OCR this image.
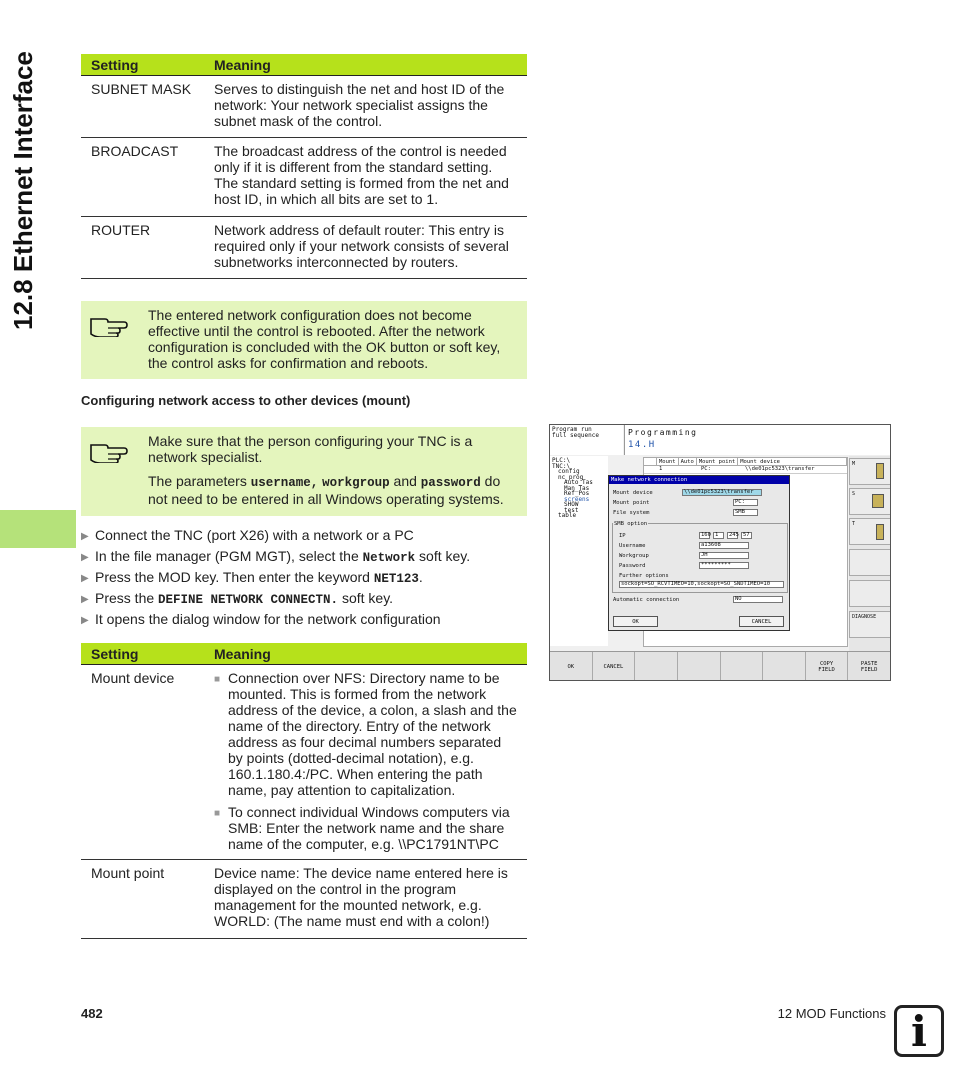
12.8 Ethernet Interface	Setting	Meaning
SUBNET MASK	Serves to distinguish the net and host ID of the network: Your network specialist assigns the subnet mask of the control.
BROADCAST	The broadcast address of the control is needed only if it is different from the standard setting. The standard setting is formed from the net and host ID, in which all bits are set to 1.
ROUTER	Network address of default router: This entry is required only if your network consists of several subnetworks interconnected by routers.

The entered network configuration does not become effective until the control is rebooted. After the network configuration is concluded with the OK button or soft key, the control asks for confirmation and reboots.

Configuring network access to other devices (mount)

Make sure that the person configuring your TNC is a network specialist.

The parameters username, workgroup and password do not need to be entered in all Windows operating systems.

▶ Connect the TNC (port X26) with a network or a PC
▶ In the file manager (PGM MGT), select the Network soft key.
▶ Press the MOD key. Then enter the keyword NET123.
▶ Press the DEFINE NETWORK CONNECTN. soft key.
▶ It opens the dialog window for the network configuration
Setting	Meaning
Mount device	■ Connection over NFS: Directory name to be mounted. This is formed from the network address of the device, a colon, a slash and the name of the directory. Entry of the network address as four decimal numbers separated by points (dotted-decimal notation), e.g. 160.1.180.4:/PC. When entering the path name, pay attention to capitalization.
■ To connect individual Windows computers via SMB: Enter the network name and the share name of the computer, e.g. \\PC1791NT\PC
Mount point	Device name: The device name entered here is displayed on the control in the program management for the mounted network, e.g. WORLD: (The name must end with a colon!)
Program run
full sequence	Programming
14.H
PLC:\
TNC:\
config
nc_prog
Auto_Tas
Man_Tas
Ref_Pos
screens
SHOW
test
table
Mount Auto Mount point Mount device
1	PC:	\\de01pc5323\transfer
M
S
T
DIAGNOSE
Make network connection
Mount device	\\de01pc5323\transfer
Mount point	PC:
File system	SMB
SMB option
IP	160 1	245 57
Username	a13608
Workgroup	JH
Password	*********
Further options
sockopt=SO_RCVTIMEO=10,sockopt=SO_SNDTIMEO=10
Automatic connection	NO
OK	CANCEL
OK	CANCEL	COPY
FIELD
PASTE
FIELD
482	12 MOD Functions i
